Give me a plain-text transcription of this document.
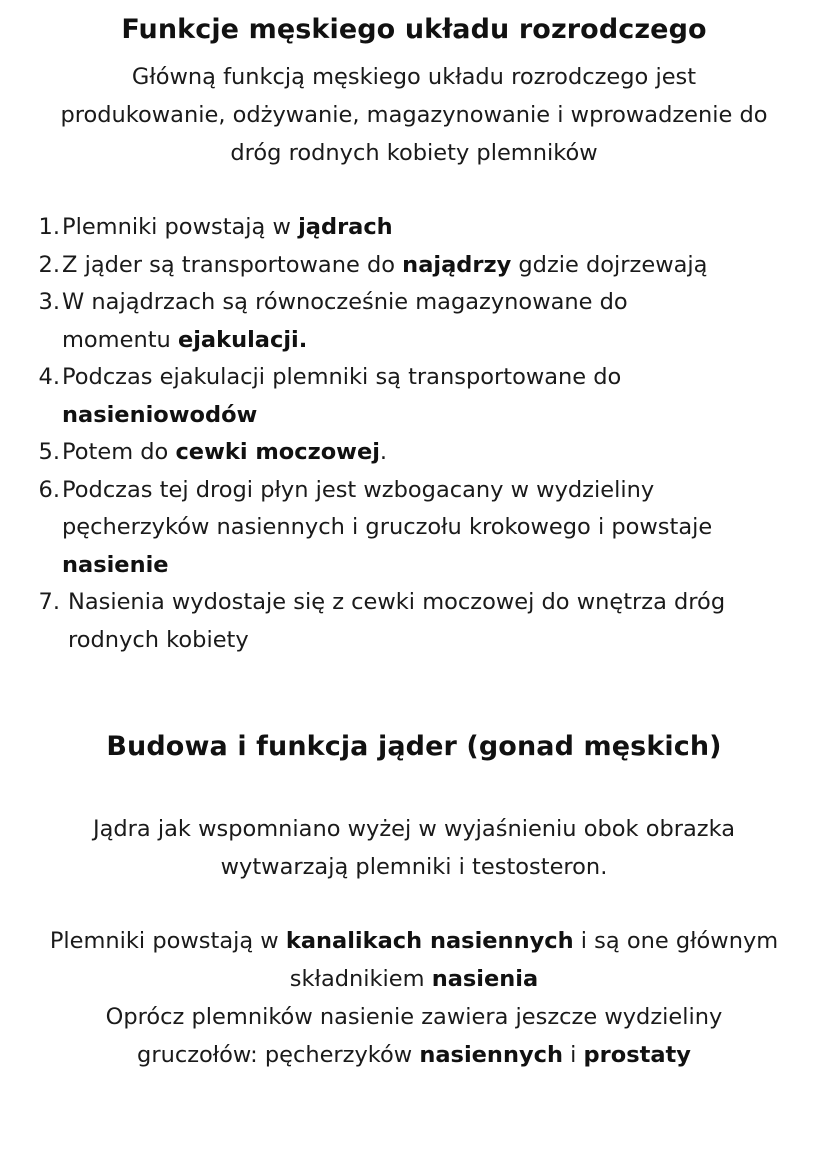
Funkcje męskiego układu rozrodczego

Główną funkcją męskiego układu rozrodczego jest
produkowanie, odżywanie, magazynowanie i wprowadzenie do
dróg rodnych kobiety plemników

1. Plemniki powstają w jądrach
2. Z jąder są transportowane do najądrzy gdzie dojrzewają
3. W najądrzach są równocześnie magazynowane do momentu ejakulacji.
4. Podczas ejakulacji plemniki są transportowane do nasieniowodów
5. Potem do cewki moczowej.
6. Podczas tej drogi płyn jest wzbogacany w wydzieliny pęcherzyków nasiennych i gruczołu krokowego i powstaje nasienie
7. Nasienia wydostaje się z cewki moczowej do wnętrza dróg rodnych kobiety
Budowa i funkcja jąder (gonad męskich)

Jądra jak wspomniano wyżej w wyjaśnieniu obok obrazka
wytwarzają plemniki i testosteron.

Plemniki powstają w kanalikach nasiennych i są one głównym
składnikiem nasienia

Oprócz plemników nasienie zawiera jeszcze wydzieliny
gruczołów: pęcherzyków nasiennych i prostaty
